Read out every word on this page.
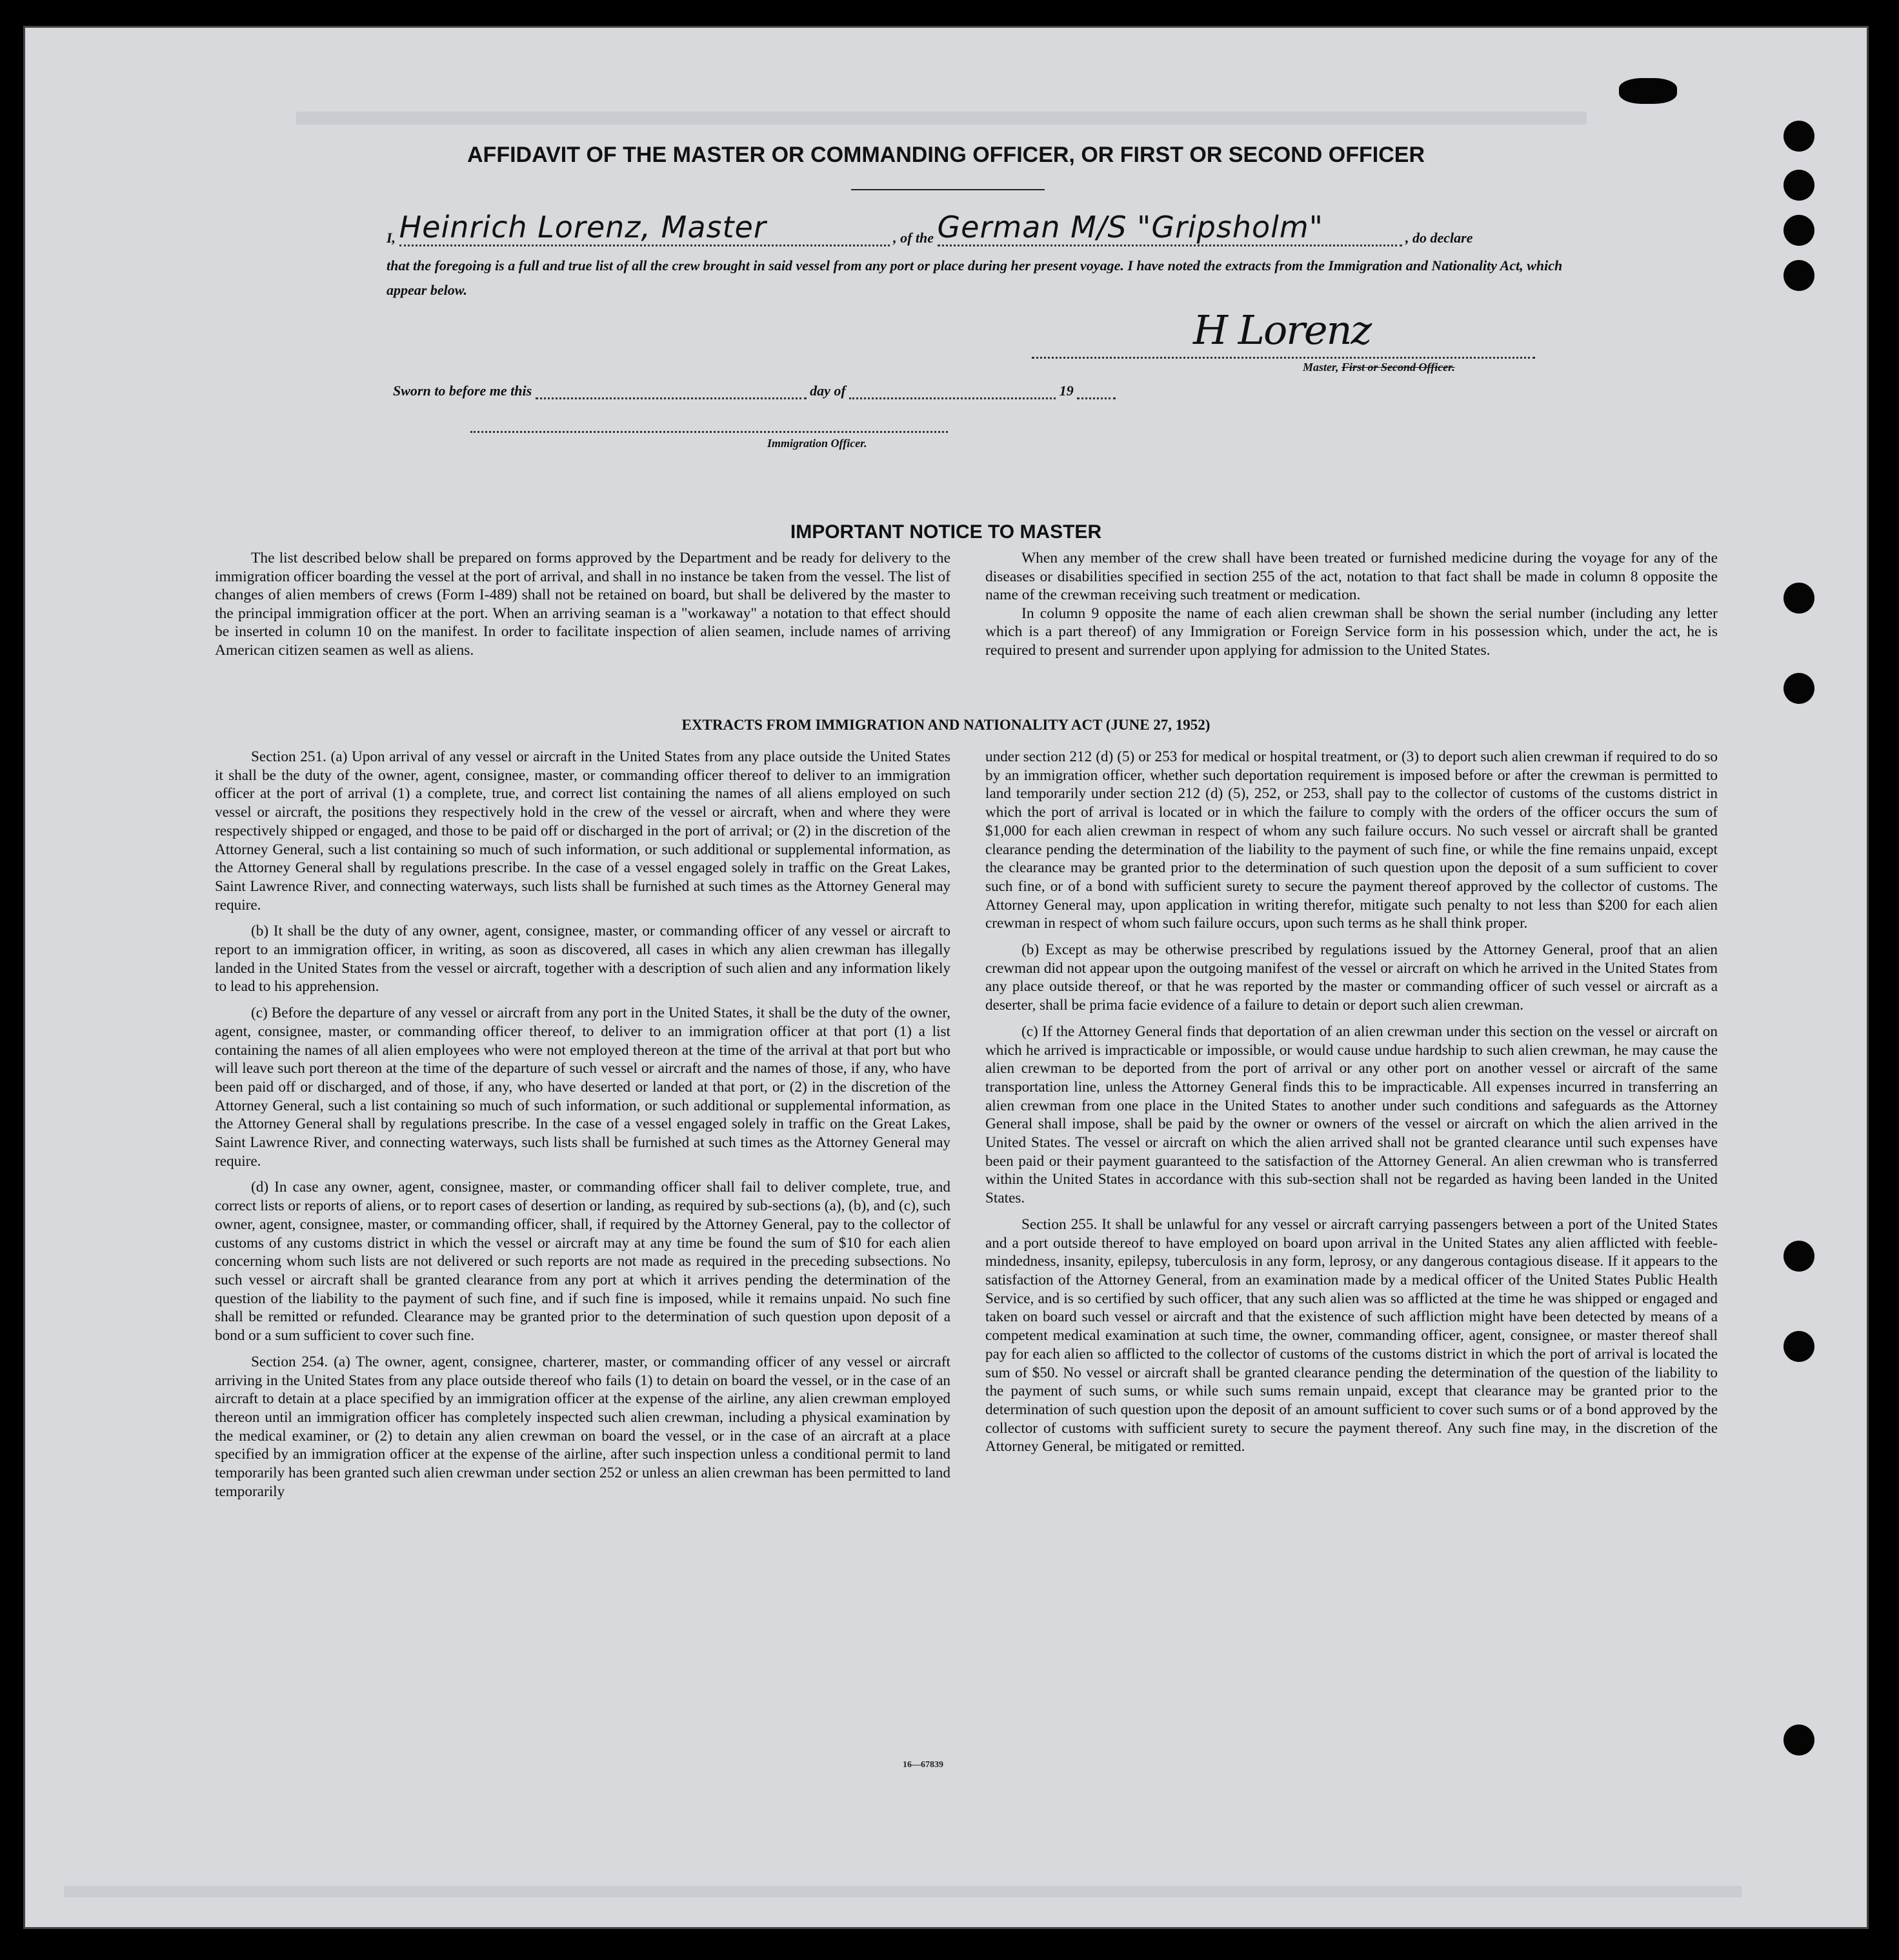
AFFIDAVIT OF THE MASTER OR COMMANDING OFFICER, OR FIRST OR SECOND OFFICER
I, Heinrich Lorenz, Master	, of the German M/S "Gripsholm"	, do declare
that the foregoing is a full and true list of all the crew brought in said vessel from any port or place during her present voyage. I have noted the extracts from the Immigration and Nationality Act, which appear below.
H Lorenz
Master, First or Second Officer.
Sworn to before me this	day of	19
Immigration Officer.
IMPORTANT NOTICE TO MASTER

The list described below shall be prepared on forms approved by the Department and be ready for delivery to the immigration officer boarding the vessel at the port of arrival, and shall in no instance be taken from the vessel. The list of changes of alien members of crews (Form I-489) shall not be retained on board, but shall be delivered by the master to the principal immigration officer at the port. When an arriving seaman is a "workaway" a notation to that effect should be inserted in column 10 on the manifest. In order to facilitate inspection of alien seamen, include names of arriving American citizen seamen as well as aliens.

When any member of the crew shall have been treated or furnished medicine during the voyage for any of the diseases or disabilities specified in section 255 of the act, notation to that fact shall be made in column 8 opposite the name of the crewman receiving such treatment or medication.

In column 9 opposite the name of each alien crewman shall be shown the serial number (including any letter which is a part thereof) of any Immigration or Foreign Service form in his possession which, under the act, he is required to present and surrender upon applying for admission to the United States.

EXTRACTS FROM IMMIGRATION AND NATIONALITY ACT (JUNE 27, 1952)

Section 251. (a) Upon arrival of any vessel or aircraft in the United States from any place outside the United States it shall be the duty of the owner, agent, consignee, master, or commanding officer thereof to deliver to an immigration officer at the port of arrival (1) a complete, true, and correct list containing the names of all aliens employed on such vessel or aircraft, the positions they respectively hold in the crew of the vessel or aircraft, when and where they were respectively shipped or engaged, and those to be paid off or discharged in the port of arrival; or (2) in the discretion of the Attorney General, such a list containing so much of such information, or such additional or supplemental information, as the Attorney General shall by regulations prescribe. In the case of a vessel engaged solely in traffic on the Great Lakes, Saint Lawrence River, and connecting waterways, such lists shall be furnished at such times as the Attorney General may require.

(b) It shall be the duty of any owner, agent, consignee, master, or commanding officer of any vessel or aircraft to report to an immigration officer, in writing, as soon as discovered, all cases in which any alien crewman has illegally landed in the United States from the vessel or aircraft, together with a description of such alien and any information likely to lead to his apprehension.

(c) Before the departure of any vessel or aircraft from any port in the United States, it shall be the duty of the owner, agent, consignee, master, or commanding officer thereof, to deliver to an immigration officer at that port (1) a list containing the names of all alien employees who were not employed thereon at the time of the arrival at that port but who will leave such port thereon at the time of the departure of such vessel or aircraft and the names of those, if any, who have been paid off or discharged, and of those, if any, who have deserted or landed at that port, or (2) in the discretion of the Attorney General, such a list containing so much of such information, or such additional or supplemental information, as the Attorney General shall by regulations prescribe. In the case of a vessel engaged solely in traffic on the Great Lakes, Saint Lawrence River, and connecting waterways, such lists shall be furnished at such times as the Attorney General may require.

(d) In case any owner, agent, consignee, master, or commanding officer shall fail to deliver complete, true, and correct lists or reports of aliens, or to report cases of desertion or landing, as required by sub-sections (a), (b), and (c), such owner, agent, consignee, master, or commanding officer, shall, if required by the Attorney General, pay to the collector of customs of any customs district in which the vessel or aircraft may at any time be found the sum of $10 for each alien concerning whom such lists are not delivered or such reports are not made as required in the preceding subsections. No such vessel or aircraft shall be granted clearance from any port at which it arrives pending the determination of the question of the liability to the payment of such fine, and if such fine is imposed, while it remains unpaid. No such fine shall be remitted or refunded. Clearance may be granted prior to the determination of such question upon deposit of a bond or a sum sufficient to cover such fine.

Section 254. (a) The owner, agent, consignee, charterer, master, or commanding officer of any vessel or aircraft arriving in the United States from any place outside thereof who fails (1) to detain on board the vessel, or in the case of an aircraft to detain at a place specified by an immigration officer at the expense of the airline, any alien crewman employed thereon until an immigration officer has completely inspected such alien crewman, including a physical examination by the medical examiner, or (2) to detain any alien crewman on board the vessel, or in the case of an aircraft at a place specified by an immigration officer at the expense of the airline, after such inspection unless a conditional permit to land temporarily has been granted such alien crewman under section 252 or unless an alien crewman has been permitted to land temporarily

under section 212 (d) (5) or 253 for medical or hospital treatment, or (3) to deport such alien crewman if required to do so by an immigration officer, whether such deportation requirement is imposed before or after the crewman is permitted to land temporarily under section 212 (d) (5), 252, or 253, shall pay to the collector of customs of the customs district in which the port of arrival is located or in which the failure to comply with the orders of the officer occurs the sum of $1,000 for each alien crewman in respect of whom any such failure occurs. No such vessel or aircraft shall be granted clearance pending the determination of the liability to the payment of such fine, or while the fine remains unpaid, except the clearance may be granted prior to the determination of such question upon the deposit of a sum sufficient to cover such fine, or of a bond with sufficient surety to secure the payment thereof approved by the collector of customs. The Attorney General may, upon application in writing therefor, mitigate such penalty to not less than $200 for each alien crewman in respect of whom such failure occurs, upon such terms as he shall think proper.

(b) Except as may be otherwise prescribed by regulations issued by the Attorney General, proof that an alien crewman did not appear upon the outgoing manifest of the vessel or aircraft on which he arrived in the United States from any place outside thereof, or that he was reported by the master or commanding officer of such vessel or aircraft as a deserter, shall be prima facie evidence of a failure to detain or deport such alien crewman.

(c) If the Attorney General finds that deportation of an alien crewman under this section on the vessel or aircraft on which he arrived is impracticable or impossible, or would cause undue hardship to such alien crewman, he may cause the alien crewman to be deported from the port of arrival or any other port on another vessel or aircraft of the same transportation line, unless the Attorney General finds this to be impracticable. All expenses incurred in transferring an alien crewman from one place in the United States to another under such conditions and safeguards as the Attorney General shall impose, shall be paid by the owner or owners of the vessel or aircraft on which the alien arrived in the United States. The vessel or aircraft on which the alien arrived shall not be granted clearance until such expenses have been paid or their payment guaranteed to the satisfaction of the Attorney General. An alien crewman who is transferred within the United States in accordance with this sub-section shall not be regarded as having been landed in the United States.

Section 255. It shall be unlawful for any vessel or aircraft carrying passengers between a port of the United States and a port outside thereof to have employed on board upon arrival in the United States any alien afflicted with feeble-mindedness, insanity, epilepsy, tuberculosis in any form, leprosy, or any dangerous contagious disease. If it appears to the satisfaction of the Attorney General, from an examination made by a medical officer of the United States Public Health Service, and is so certified by such officer, that any such alien was so afflicted at the time he was shipped or engaged and taken on board such vessel or aircraft and that the existence of such affliction might have been detected by means of a competent medical examination at such time, the owner, commanding officer, agent, consignee, or master thereof shall pay for each alien so afflicted to the collector of customs of the customs district in which the port of arrival is located the sum of $50. No vessel or aircraft shall be granted clearance pending the determination of the question of the liability to the payment of such sums, or while such sums remain unpaid, except that clearance may be granted prior to the determination of such question upon the deposit of an amount sufficient to cover such sums or of a bond approved by the collector of customs with sufficient surety to secure the payment thereof. Any such fine may, in the discretion of the Attorney General, be mitigated or remitted.

16—67839
